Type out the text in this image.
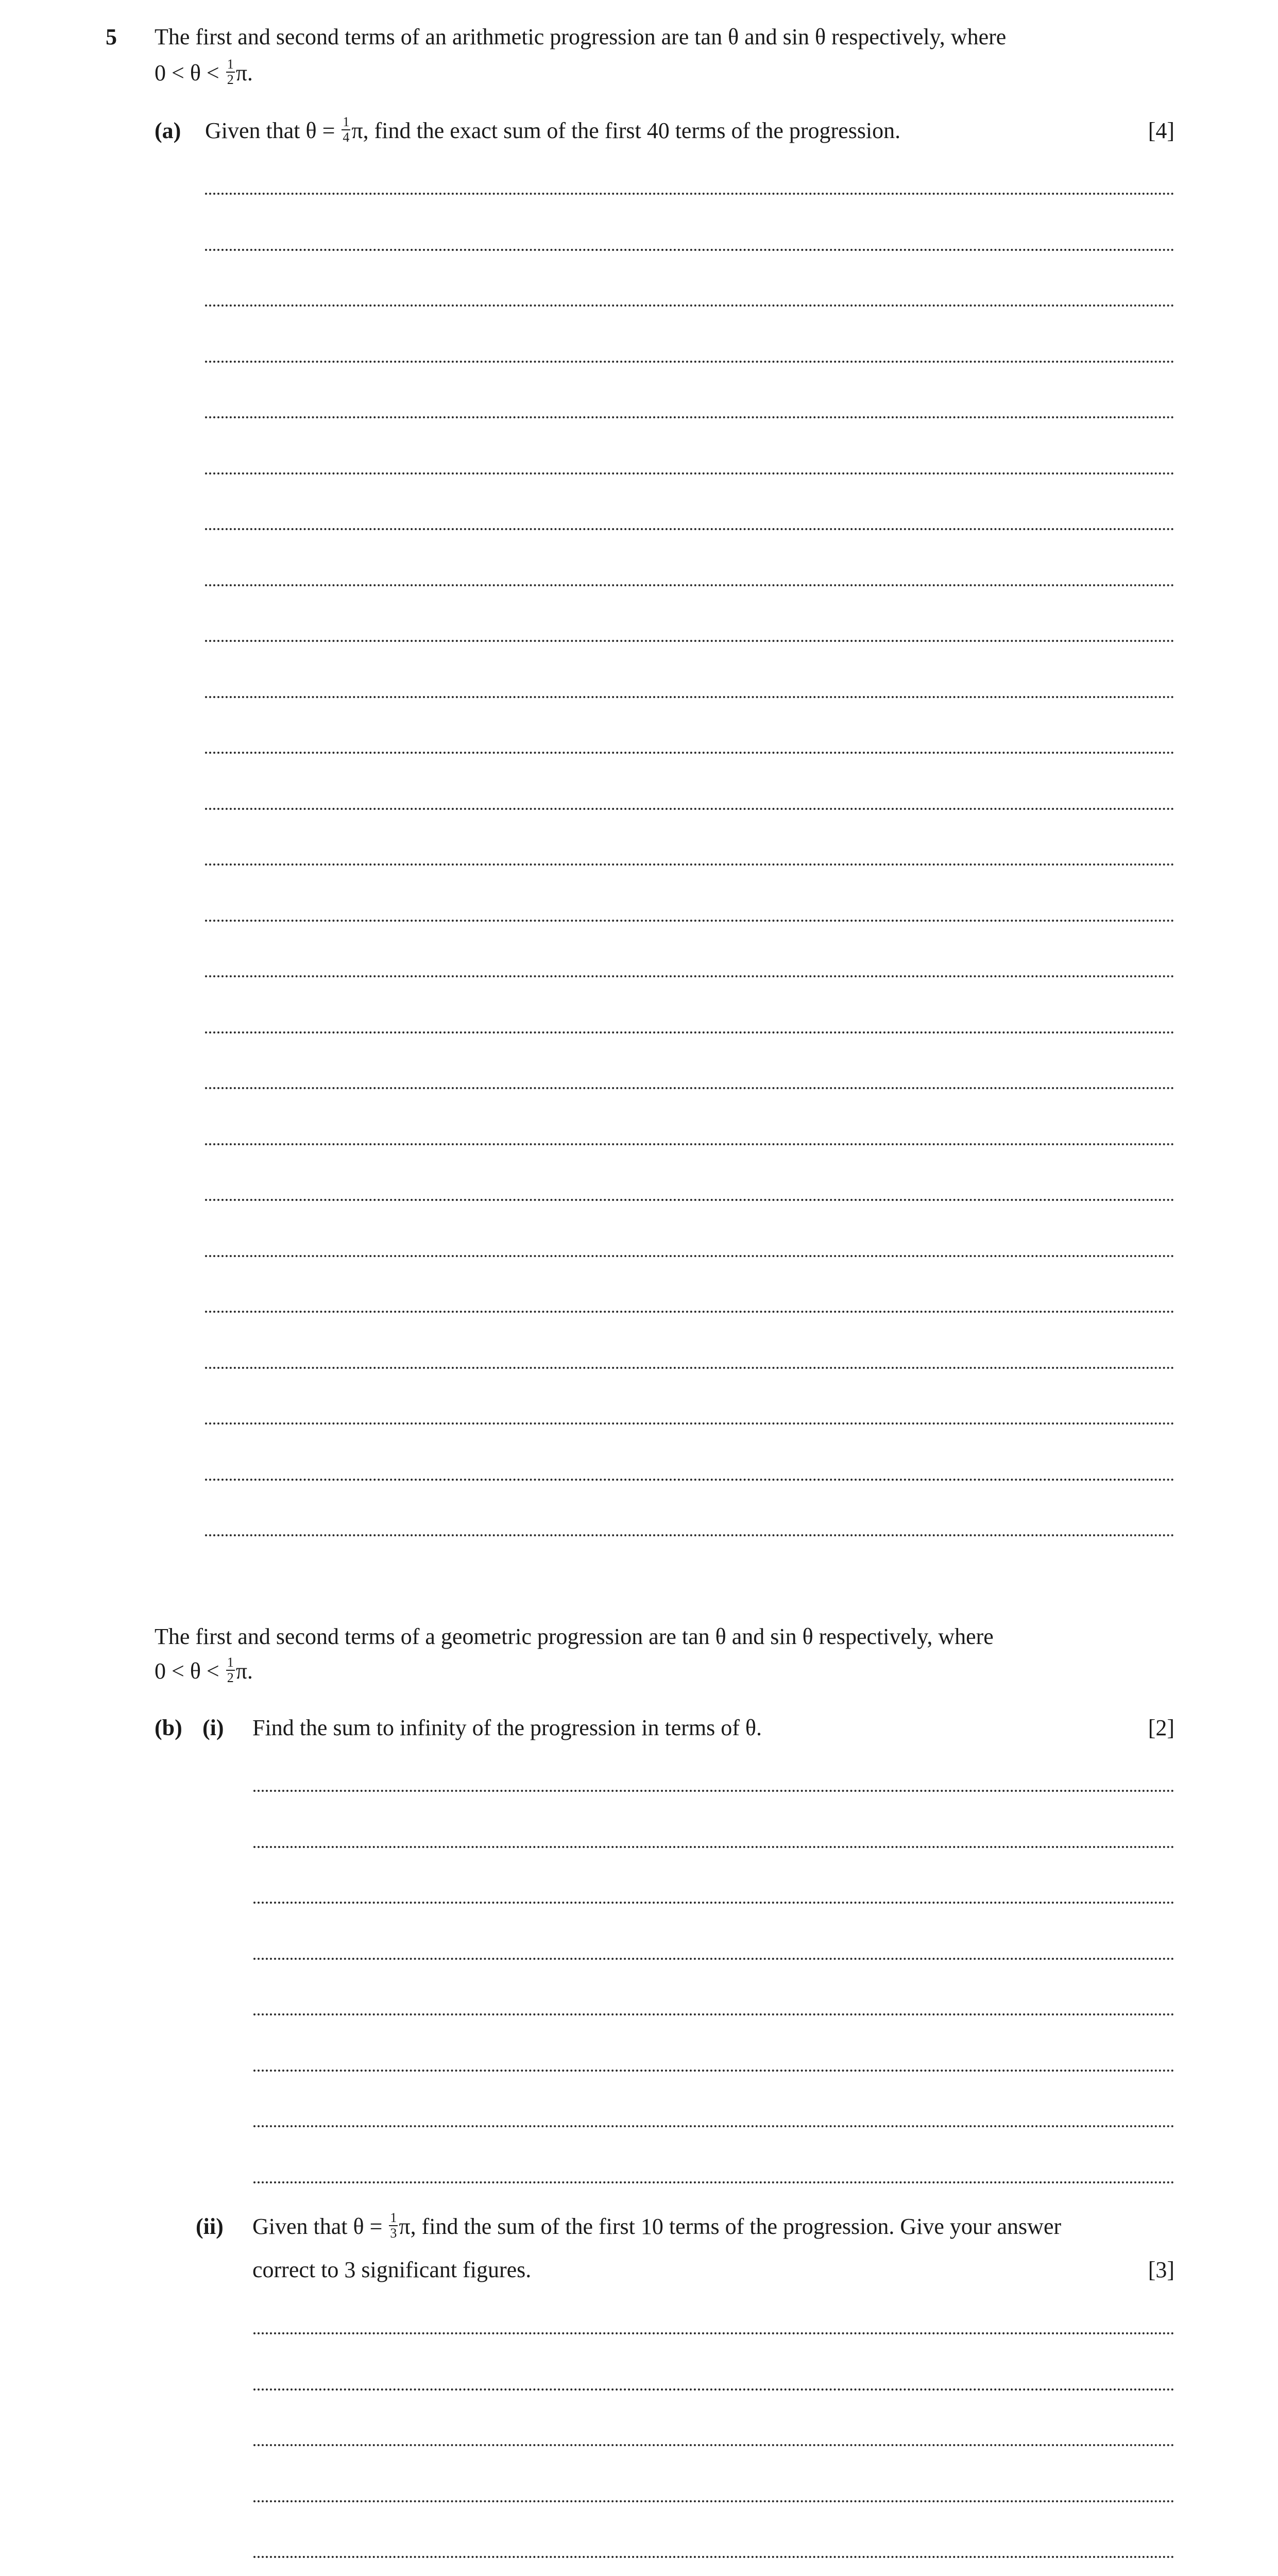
5 The first and second terms of an arithmetic progression are tan θ and sin θ respectively, where
$0 < \theta < \frac{1}{2} \pi$.
(a) Given that $\theta = \frac{1}{4} \pi$, find the exact sum of the first 40 terms of the progression.	[4]
The first and second terms of a geometric progression are tan θ and sin θ respectively, where
$0 < \theta < \frac{1}{2} \pi$.
(b) (i) Find the sum to infinity of the progression in terms of θ.	[2]
(ii) Given that $\theta = \frac{1}{3} \pi$, find the sum of the first 10 terms of the progression. Give your answer
correct to 3 significant figures.	[3]
